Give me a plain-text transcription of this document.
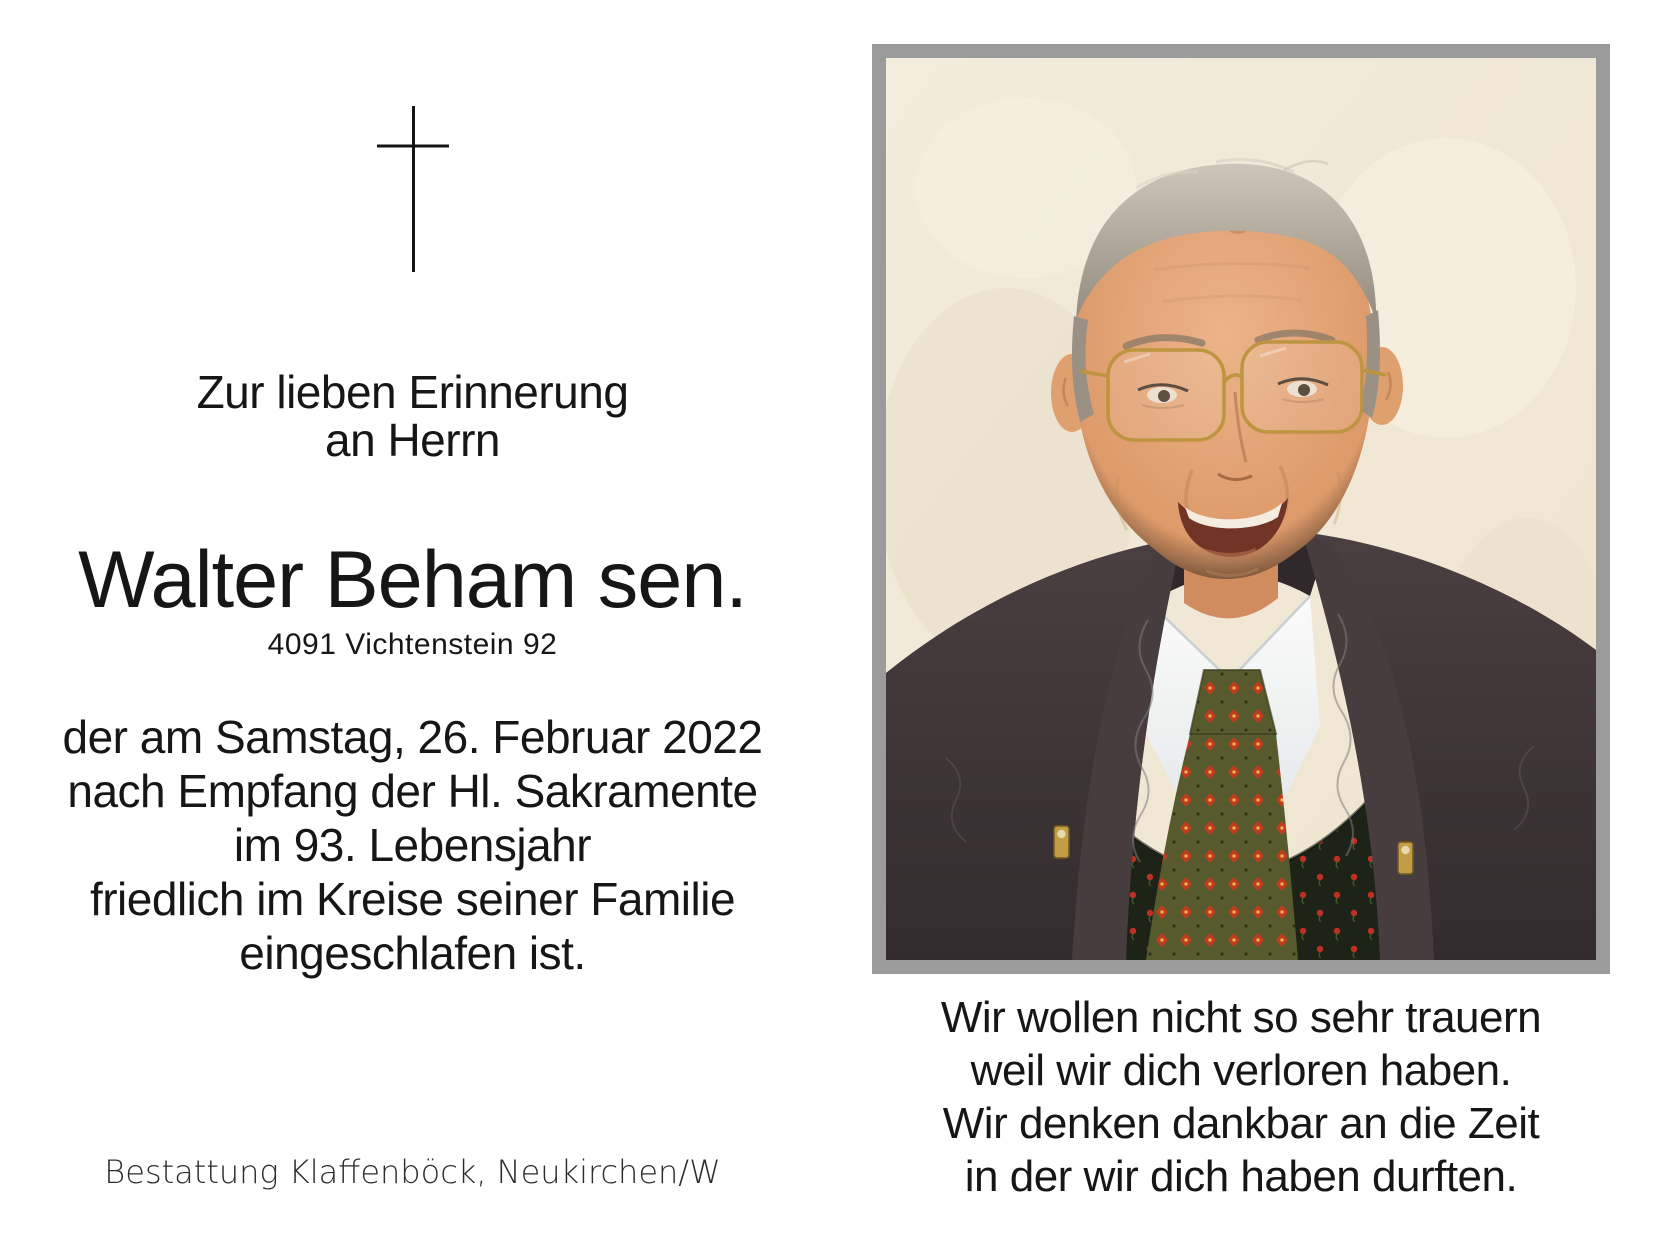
Zur lieben Erinnerung
an Herrn
Walter Beham sen.
4091 Vichtenstein 92
der am Samstag, 26. Februar 2022
nach Empfang der Hl. Sakramente
im 93. Lebensjahr
friedlich im Kreise seiner Familie
eingeschlafen ist.
Bestattung Klaffenböck, Neukirchen/W
Wir wollen nicht so sehr trauern
weil wir dich verloren haben.
Wir denken dankbar an die Zeit
in der wir dich haben durften.
